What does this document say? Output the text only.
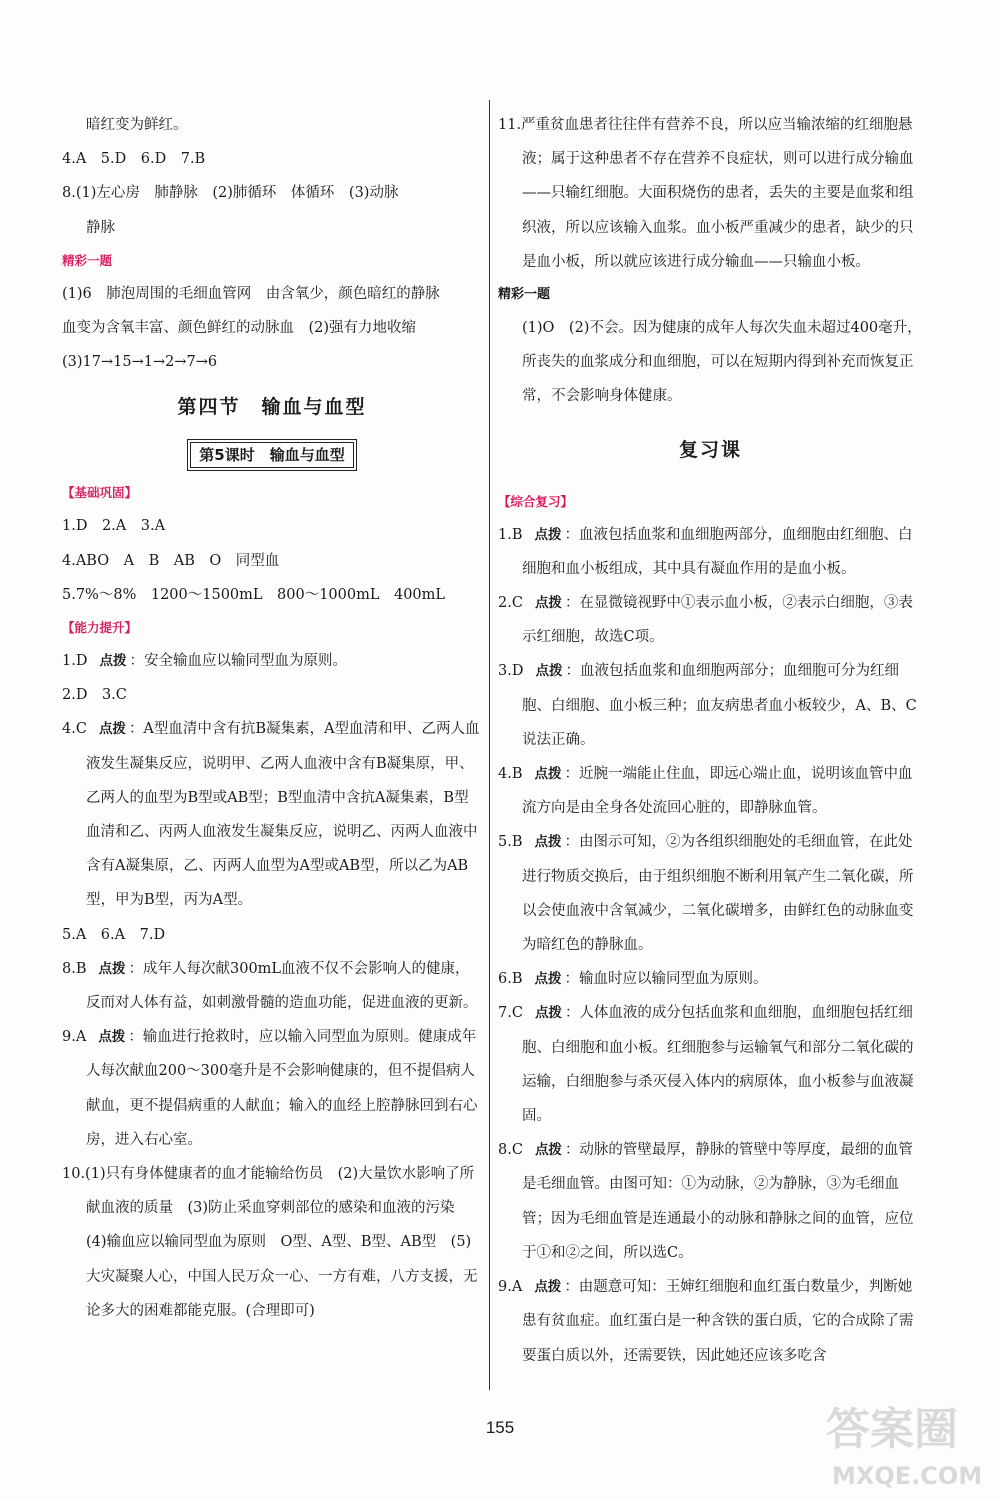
暗红变为鲜红。

4.A　5.D　6.D　7.B

8.(1)左心房　肺静脉　(2)肺循环　体循环　(3)动脉

静脉

精彩一题

(1)6　肺泡周围的毛细血管网　由含氧少，颜色暗红的静脉

血变为含氧丰富、颜色鲜红的动脉血　(2)强有力地收缩

(3)17→15→1→2→7→6

第四节　输血与血型

第5课时　输血与血型

【基础巩固】

1.D　2.A　3.A

4.ABO　A　B　AB　O　同型血

5.7%～8%　1200～1500mL　800～1000mL　400mL

【能力提升】

1.D 点拨 ：安全输血应以输同型血为原则。

2.D　3.C

4.C 点拨 ：A型血清中含有抗B凝集素，A型血清和甲、乙两人血液发生凝集反应，说明甲、乙两人血液中含有B凝集原，甲、乙两人的血型为B型或AB型；B型血清中含抗A凝集素，B型血清和乙、丙两人血液发生凝集反应，说明乙、丙两人血液中含有A凝集原，乙、丙两人血型为A型或AB型，所以乙为AB型，甲为B型，丙为A型。

5.A　6.A　7.D

8.B 点拨 ：成年人每次献300mL血液不仅不会影响人的健康，反而对人体有益，如刺激骨髓的造血功能，促进血液的更新。

9.A 点拨 ：输血进行抢救时，应以输入同型血为原则。健康成年人每次献血200～300毫升是不会影响健康的，但不提倡病人献血，更不提倡病重的人献血；输入的血经上腔静脉回到右心房，进入右心室。

10.(1)只有身体健康者的血才能输给伤员　(2)大量饮水影响了所献血液的质量　(3)防止采血穿刺部位的感染和血液的污染　(4)输血应以输同型血为原则　O型、A型、B型、AB型　(5)大灾凝聚人心，中国人民万众一心、一方有难，八方支援，无论多大的困难都能克服。(合理即可)

11.严重贫血患者往往伴有营养不良，所以应当输浓缩的红细胞悬液；属于这种患者不存在营养不良症状，则可以进行成分输血——只输红细胞。大面积烧伤的患者，丢失的主要是血浆和组织液，所以应该输入血浆。血小板严重减少的患者，缺少的只是血小板，所以就应该进行成分输血——只输血小板。

精彩一题

(1)O　(2)不会。因为健康的成年人每次失血未超过400毫升，所丧失的血浆成分和血细胞，可以在短期内得到补充而恢复正常，不会影响身体健康。

复习课

【综合复习】

1.B 点拨 ：血液包括血浆和血细胞两部分，血细胞由红细胞、白细胞和血小板组成，其中具有凝血作用的是血小板。

2.C 点拨 ：在显微镜视野中①表示血小板，②表示白细胞，③表示红细胞，故选C项。

3.D 点拨 ：血液包括血浆和血细胞两部分；血细胞可分为红细胞、白细胞、血小板三种；血友病患者血小板较少，A、B、C说法正确。

4.B 点拨 ：近腕一端能止住血，即远心端止血，说明该血管中血流方向是由全身各处流回心脏的，即静脉血管。

5.B 点拨 ：由图示可知，②为各组织细胞处的毛细血管，在此处进行物质交换后，由于组织细胞不断利用氧产生二氧化碳，所以会使血液中含氧减少，二氧化碳增多，由鲜红色的动脉血变为暗红色的静脉血。

6.B 点拨 ：输血时应以输同型血为原则。

7.C 点拨 ：人体血液的成分包括血浆和血细胞，血细胞包括红细胞、白细胞和血小板。红细胞参与运输氧气和部分二氧化碳的运输，白细胞参与杀灭侵入体内的病原体，血小板参与血液凝固。

8.C 点拨 ：动脉的管壁最厚，静脉的管壁中等厚度，最细的血管是毛细血管。由图可知：①为动脉，②为静脉，③为毛细血管；因为毛细血管是连通最小的动脉和静脉之间的血管，应位于①和②之间，所以选C。

9.A 点拨 ：由题意可知：王婶红细胞和血红蛋白数量少，判断她患有贫血症。血红蛋白是一种含铁的蛋白质，它的合成除了需要蛋白质以外，还需要铁，因此她还应该多吃含

155	答案圈
MXQE.COM
